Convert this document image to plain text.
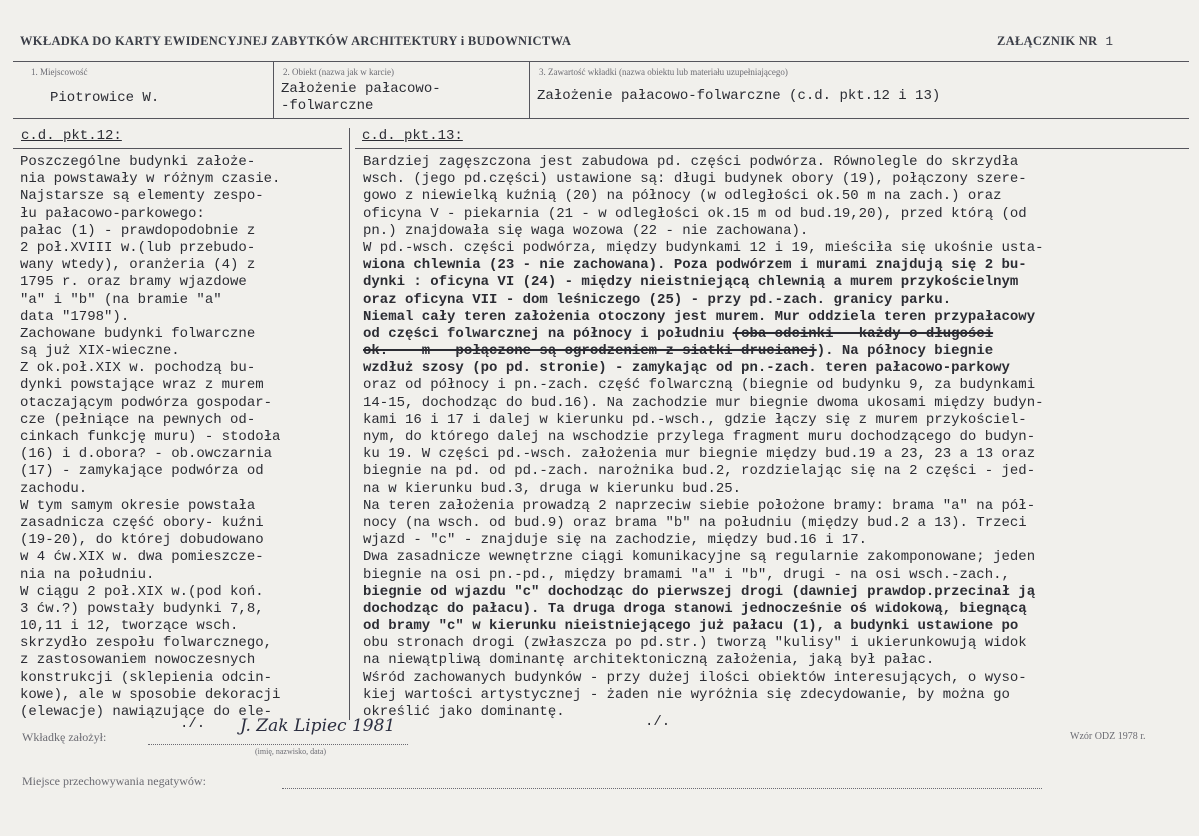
WKŁADKA DO KARTY EWIDENCYJNEJ ZABYTKÓW ARCHITEKTURY i BUDOWNICTWA	ZAŁĄCZNIK NR 1
1. Miejscowość
Piotrowice W.
2. Obiekt (nazwa jak w karcie)
Założenie pałacowo-
-folwarczne
3. Zawartość wkładki (nazwa obiektu lub materiału uzupełniającego)
Założenie pałacowo-folwarczne (c.d. pkt.12 i 13)
c.d. pkt.12:	c.d. pkt.13:
Poszczególne budynki założe-
nia powstawały w różnym czasie.
Najstarsze są elementy zespo-
łu pałacowo-parkowego:
pałac (1) - prawdopodobnie z
2 poł.XVIII w.(lub przebudo-
wany wtedy), oranżeria (4) z
1795 r. oraz bramy wjazdowe
"a" i "b" (na bramie "a"
data "1798").
Zachowane budynki folwarczne
są już XIX-wieczne.
Z ok.poł.XIX w. pochodzą bu-
dynki powstające wraz z murem
otaczającym podwórza gospodar-
cze (pełniące na pewnych od-
cinkach funkcję muru) - stodoła
(16) i d.obora? - ob.owczarnia
(17) - zamykające podwórza od
zachodu.
W tym samym okresie powstała
zasadnicza część obory- kuźni
(19-20), do której dobudowano
w 4 ćw.XIX w. dwa pomieszcze-
nia na południu.
W ciągu 2 poł.XIX w.(pod koń.
3 ćw.?) powstały budynki 7,8,
10,11 i 12, tworzące wsch.
skrzydło zespołu folwarcznego,
z zastosowaniem nowoczesnych
konstrukcji (sklepienia odcin-
kowe), ale w sposobie dekoracji
(elewacje) nawiązujące do ele-
Bardziej zagęszczona jest zabudowa pd. części podwórza. Równolegle do skrzydła
wsch. (jego pd.części) ustawione są: długi budynek obory (19), połączony szere-
gowo z niewielką kuźnią (20) na północy (w odległości ok.50 m na zach.) oraz
oficyna V - piekarnia (21 - w odległości ok.15 m od bud.19,20), przed którą (od
pn.) znajdowała się waga wozowa (22 - nie zachowana).
W pd.-wsch. części podwórza, między budynkami 12 i 19, mieściła się ukośnie usta-
wiona chlewnia (23 - nie zachowana). Poza podwórzem i murami znajdują się 2 bu-
dynki : oficyna VI (24) - między nieistniejącą chlewnią a murem przykościelnym
oraz oficyna VII - dom leśniczego (25) - przy pd.-zach. granicy parku.
Niemal cały teren założenia otoczony jest murem. Mur oddziela teren przypałacowy
od części folwarcznej na północy i południu (oba odcinki - każdy o długości
ok.    m - połączone są ogrodzeniem z siatki drucianej). Na północy biegnie
wzdłuż szosy (po pd. stronie) - zamykając od pn.-zach. teren pałacowo-parkowy
oraz od północy i pn.-zach. część folwarczną (biegnie od budynku 9, za budynkami
14-15, dochodząc do bud.16). Na zachodzie mur biegnie dwoma ukosami między budyn-
kami 16 i 17 i dalej w kierunku pd.-wsch., gdzie łączy się z murem przykościel-
nym, do którego dalej na wschodzie przylega fragment muru dochodzącego do budyn-
ku 19. W części pd.-wsch. założenia mur biegnie między bud.19 a 23, 23 a 13 oraz
biegnie na pd. od pd.-zach. narożnika bud.2, rozdzielając się na 2 części - jed-
na w kierunku bud.3, druga w kierunku bud.25.
Na teren założenia prowadzą 2 naprzeciw siebie położone bramy: brama "a" na pół-
nocy (na wsch. od bud.9) oraz brama "b" na południu (między bud.2 a 13). Trzeci
wjazd - "c" - znajduje się na zachodzie, między bud.16 i 17.
Dwa zasadnicze wewnętrzne ciągi komunikacyjne są regularnie zakomponowane; jeden
biegnie na osi pn.-pd., między bramami "a" i "b", drugi - na osi wsch.-zach.,
biegnie od wjazdu "c" dochodząc do pierwszej drogi (dawniej prawdop.przecinał ją
dochodząc do pałacu). Ta druga droga stanowi jednocześnie oś widokową, biegnącą
od bramy "c" w kierunku nieistniejącego już pałacu (1), a budynki ustawione po
obu stronach drogi (zwłaszcza po pd.str.) tworzą "kulisy" i ukierunkowują widok
na niewątpliwą dominantę architektoniczną założenia, jaką był pałac.
Wśród zachowanych budynków - przy dużej ilości obiektów interesujących, o wyso-
kiej wartości artystycznej - żaden nie wyróżnia się zdecydowanie, by można go
określić jako dominantę.
./.	./.
Wkładkę założył:
J. Zak Lipiec 1981
(imię, nazwisko, data)
Wzór ODZ 1978 r.
Miejsce przechowywania negatywów:
